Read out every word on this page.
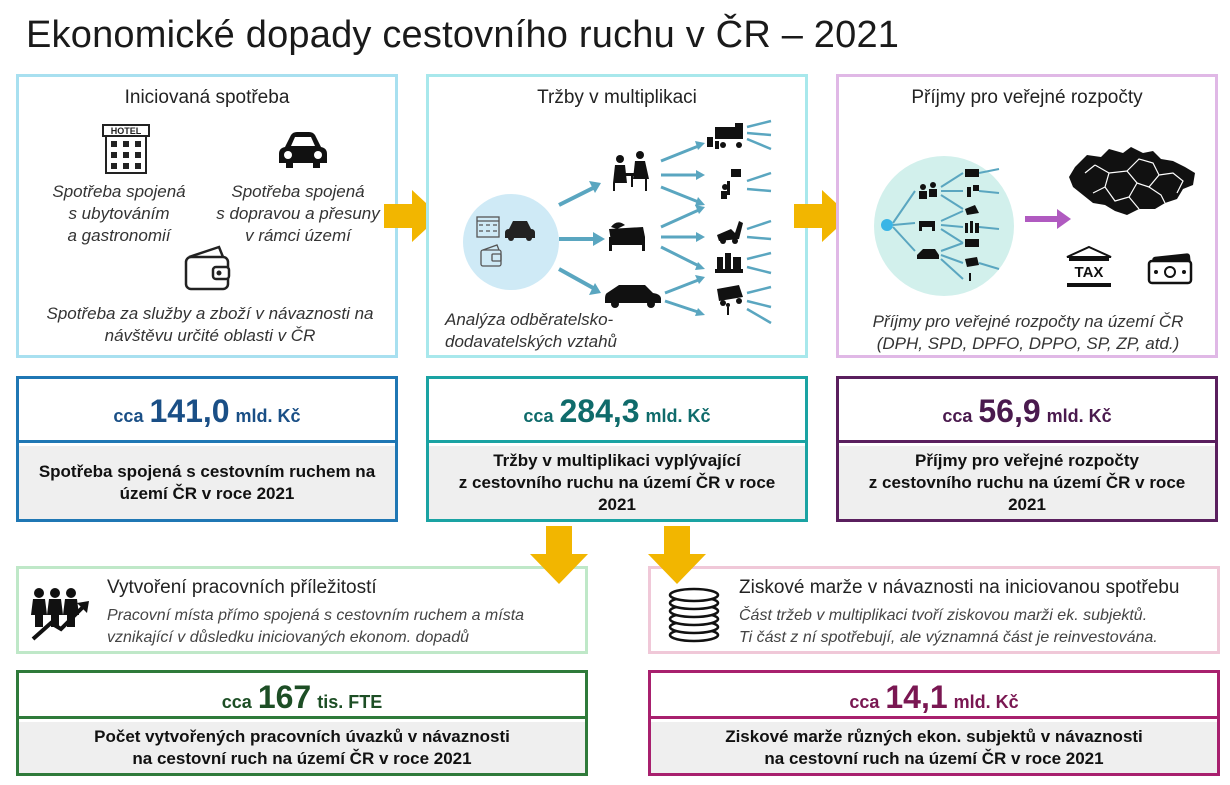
Ekonomické dopady cestovního ruchu v ČR – 2021
Iniciovaná spotřeba
HOTEL
Spotřeba spojená
s ubytováním
a gastronomií
Spotřeba spojená
s dopravou a přesuny
v rámci území
Spotřeba za služby a zboží v návaznosti na
návštěvu určité oblasti v ČR
Tržby v multiplikaci
Analýza odběratelsko-
dodavatelských vztahů
Příjmy pro veřejné rozpočty
TAX
Příjmy pro veřejné rozpočty na území ČR
(DPH, SPD, DPFO, DPPO, SP, ZP, atd.)
cca 141,0 mld. Kč
Spotřeba spojená s cestovním ruchem na
území ČR v roce 2021
cca 284,3 mld. Kč
Tržby v multiplikaci vyplývající
z cestovního ruchu na území ČR v roce
2021
cca 56,9 mld. Kč
Příjmy pro veřejné rozpočty
z cestovního ruchu na území ČR v roce
2021
Vytvoření pracovních příležitostí
Pracovní místa přímo spojená s cestovním ruchem a místa
vznikající v důsledku iniciovaných ekonom. dopadů
Ziskové marže v návaznosti na iniciovanou spotřebu
Část tržeb v multiplikaci tvoří ziskovou marži ek. subjektů.
Ti část z ní spotřebují, ale významná část je reinvestována.
cca 167 tis. FTE
Počet vytvořených pracovních úvazků v návaznosti
na cestovní ruch na území ČR v roce 2021
cca 14,1 mld. Kč
Ziskové marže různých ekon. subjektů v návaznosti
na cestovní ruch na území ČR v roce 2021
